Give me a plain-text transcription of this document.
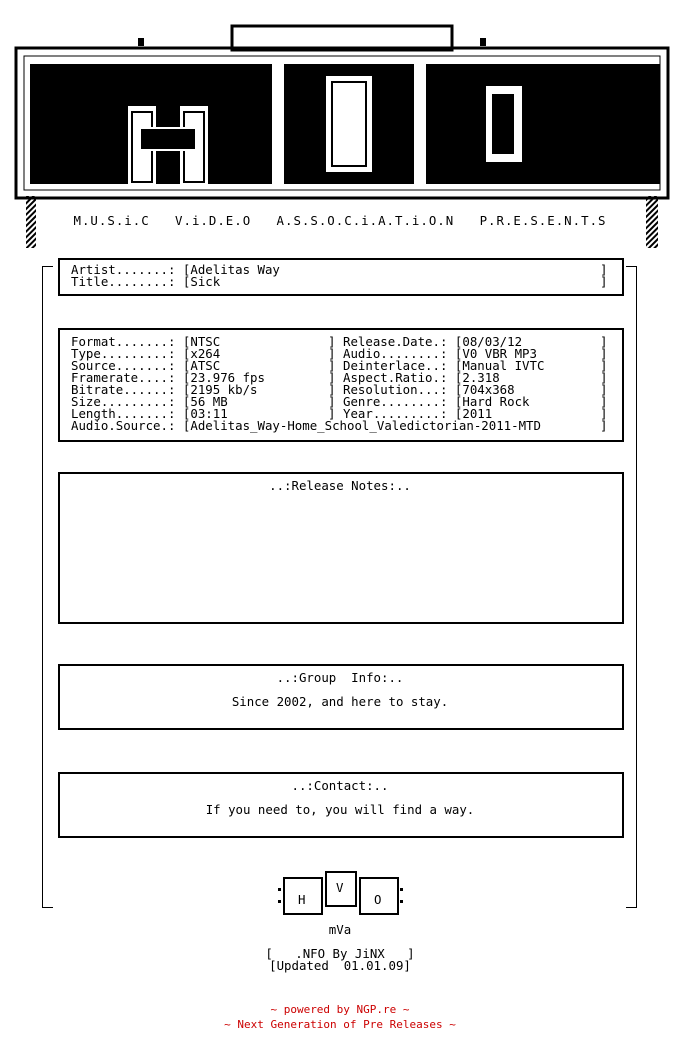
M.U.S.i.C   V.i.D.E.O   A.S.S.O.C.i.A.T.i.O.N   P.R.E.S.E.N.T.S
Artist.......: [Adelitas Way
Title........: [Sick
]
]
Format.......: [NTSC
Type.........: [x264
Source.......: [ATSC
Framerate....: [23.976 fps
Bitrate......: [2195 kb/s
Size.........: [56 MB
Length.......: [03:11
]
]
]
]
]
]
]
Release.Date.: [08/03/12
Audio........: [V0 VBR MP3
Deinterlace..: [Manual IVTC
Aspect.Ratio.: [2.318
Resolution...: [704x368
Genre........: [Hard Rock
Year.........: [2011
]
]
]
]
]
]
]
]
Audio.Source.: [Adelitas_Way-Home_School_Valedictorian-2011-MTD
..:Release Notes:..
..:Group  Info:..
Since 2002, and here to stay.
..:Contact:..
If you need to, you will find a way.
H
V
O
mVa
[   .NFO By JiNX   ]
[Updated  01.01.09]
~ powered by NGP.re ~
~ Next Generation of Pre Releases ~
